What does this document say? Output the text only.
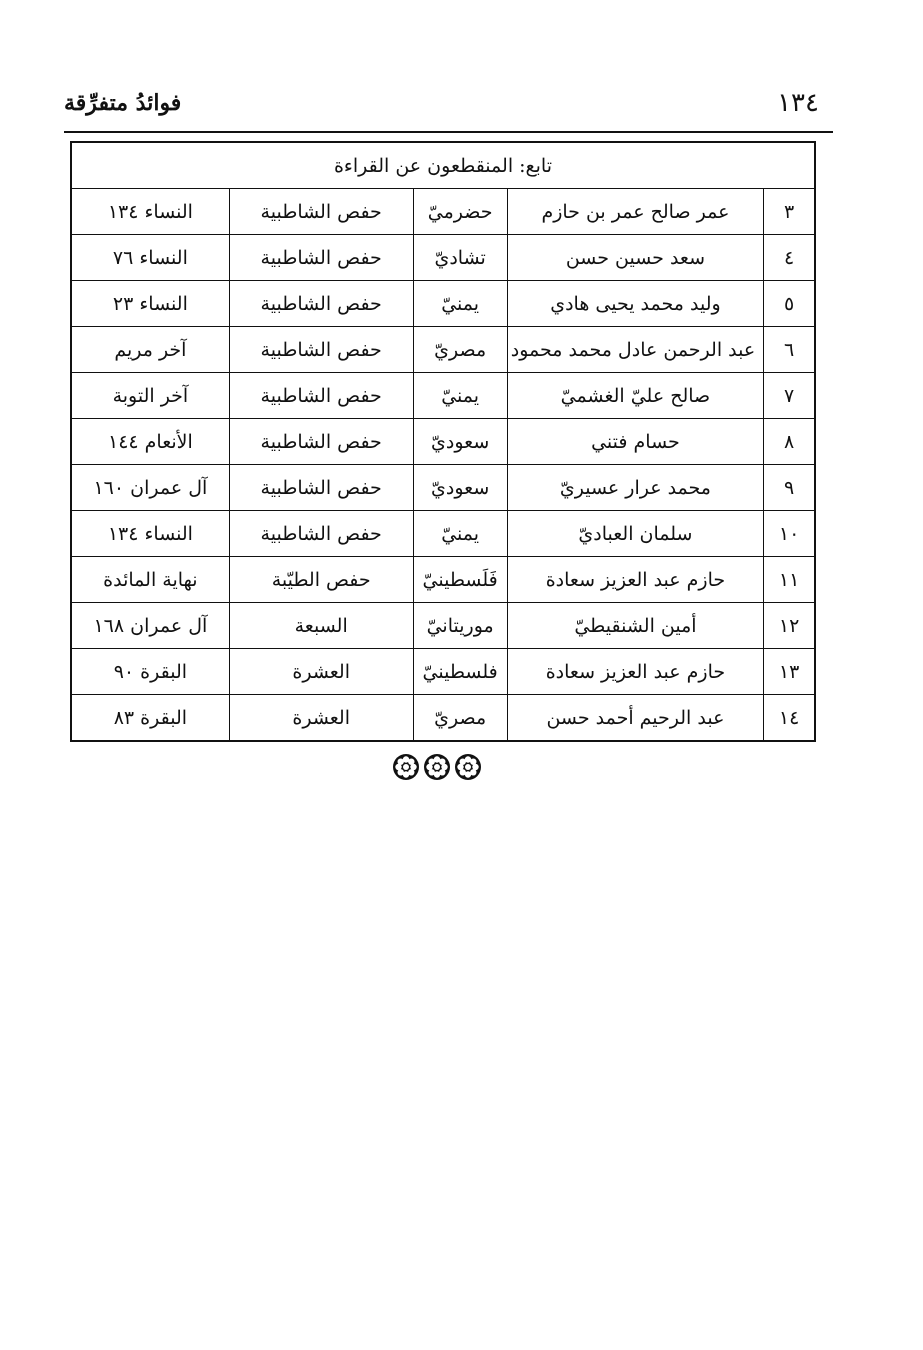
١٣٤
فوائدُ متفرِّقة
تابع: المنقطعون عن القراءة				
٣	عمر صالح عمر بن حازم	حضرميّ	حفص الشاطبية	النساء ١٣٤
٤	سعد حسين حسن	تشاديّ	حفص الشاطبية	النساء ٧٦
٥	وليد محمد يحيى هادي	يمنيّ	حفص الشاطبية	النساء ٢٣
٦	عبد الرحمن عادل محمد محمود	مصريّ	حفص الشاطبية	آخر مريم
٧	صالح عليّ الغشميّ	يمنيّ	حفص الشاطبية	آخر التوبة
٨	حسام فتني	سعوديّ	حفص الشاطبية	الأنعام ١٤٤
٩	محمد عرار عسيريّ	سعوديّ	حفص الشاطبية	آل عمران ١٦٠
١٠	سلمان العباديّ	يمنيّ	حفص الشاطبية	النساء ١٣٤
١١	حازم عبد العزيز سعادة	فَلَسطينيّ	حفص الطيّبة	نهاية المائدة
١٢	أمين الشنقيطيّ	موريتانيّ	السبعة	آل عمران ١٦٨
١٣	حازم عبد العزيز سعادة	فلسطينيّ	العشرة	البقرة ٩٠
١٤	عبد الرحيم أحمد حسن	مصريّ	العشرة	البقرة ٨٣
